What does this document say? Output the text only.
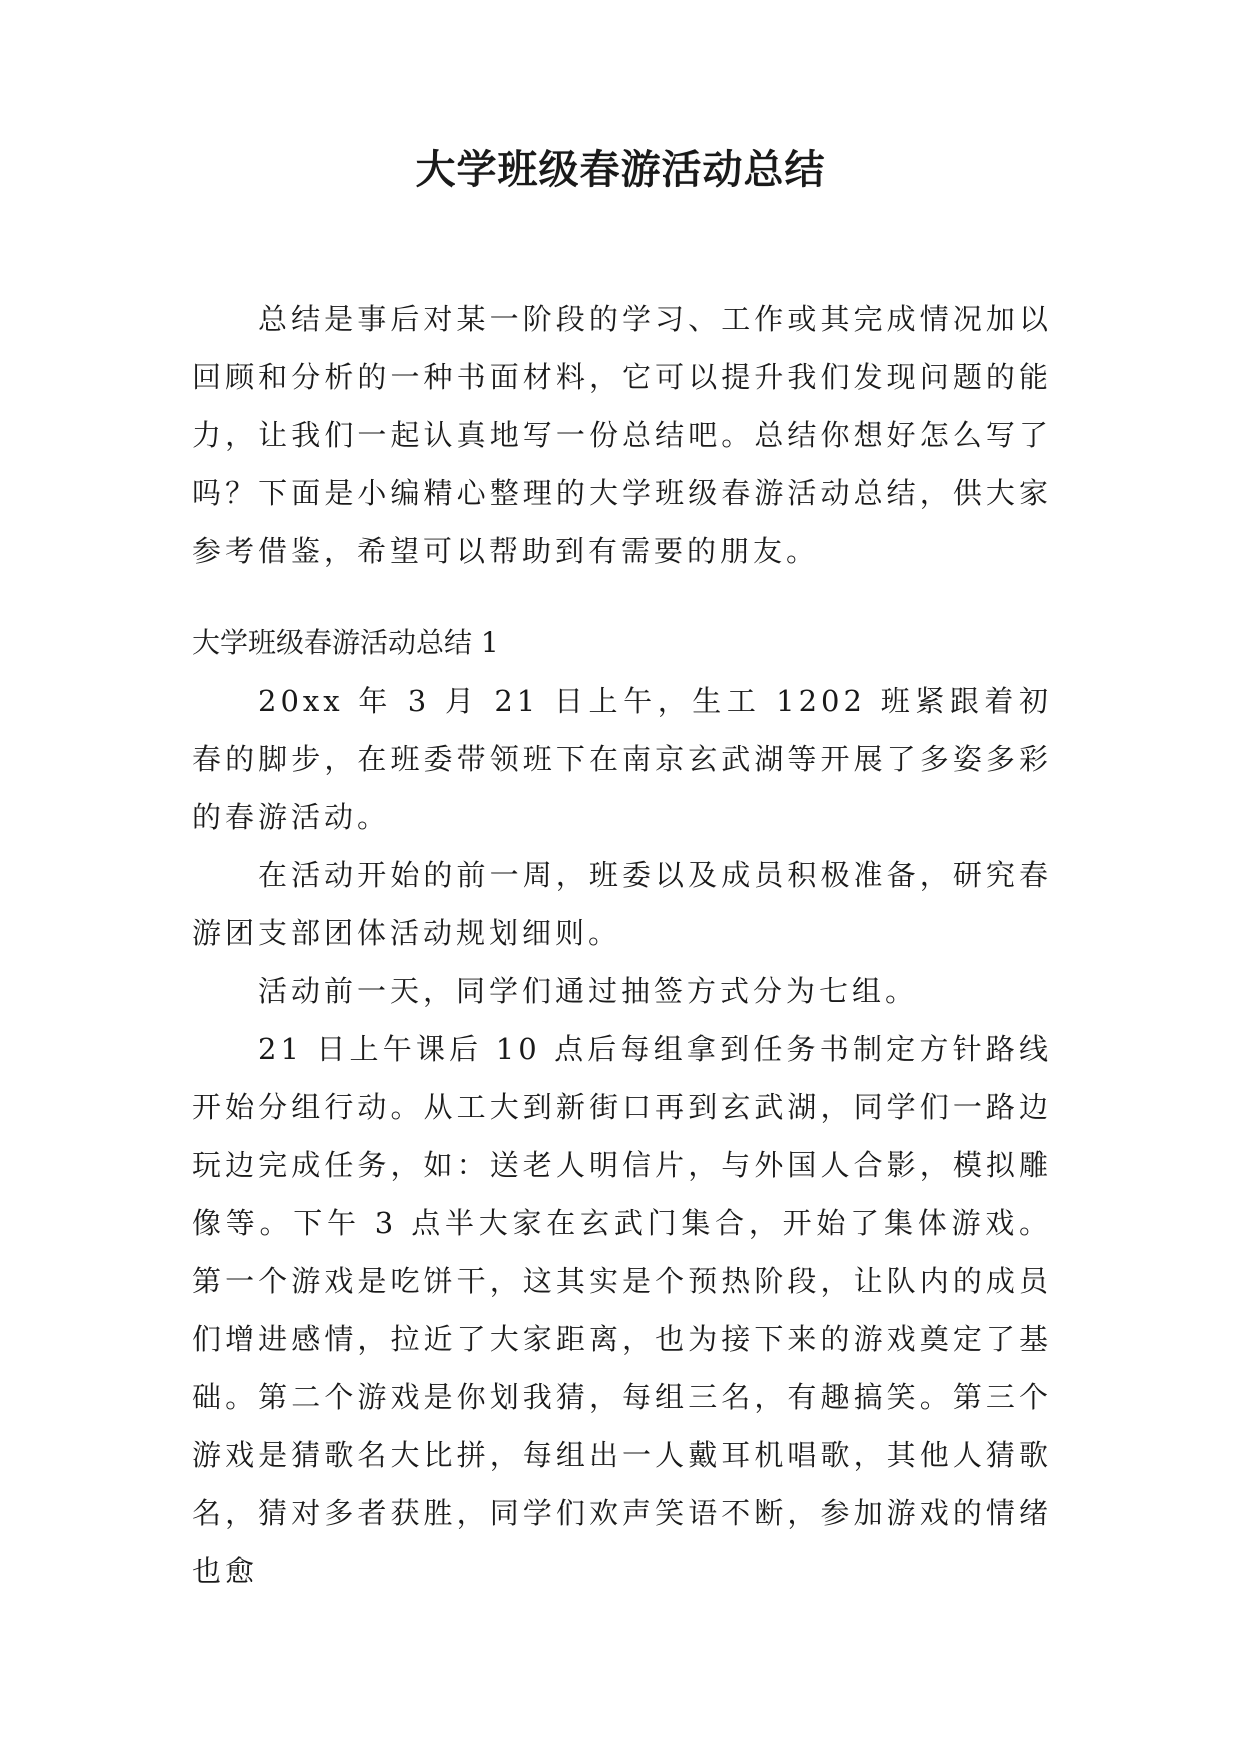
大学班级春游活动总结

总结是事后对某一阶段的学习、工作或其完成情况加以回顾和分析的一种书面材料，它可以提升我们发现问题的能力，让我们一起认真地写一份总结吧。总结你想好怎么写了吗？下面是小编精心整理的大学班级春游活动总结，供大家参考借鉴，希望可以帮助到有需要的朋友。

大学班级春游活动总结 1

20xx 年 3 月 21 日上午，生工 1202 班紧跟着初春的脚步，在班委带领班下在南京玄武湖等开展了多姿多彩的春游活动。

在活动开始的前一周，班委以及成员积极准备，研究春游团支部团体活动规划细则。

活动前一天，同学们通过抽签方式分为七组。

21 日上午课后 10 点后每组拿到任务书制定方针路线开始分组行动。从工大到新街口再到玄武湖，同学们一路边玩边完成任务，如：送老人明信片，与外国人合影，模拟雕像等。下午 3 点半大家在玄武门集合，开始了集体游戏。第一个游戏是吃饼干，这其实是个预热阶段，让队内的成员们增进感情，拉近了大家距离，也为接下来的游戏奠定了基础。第二个游戏是你划我猜，每组三名，有趣搞笑。第三个游戏是猜歌名大比拼，每组出一人戴耳机唱歌，其他人猜歌名，猜对多者获胜，同学们欢声笑语不断，参加游戏的情绪也愈
